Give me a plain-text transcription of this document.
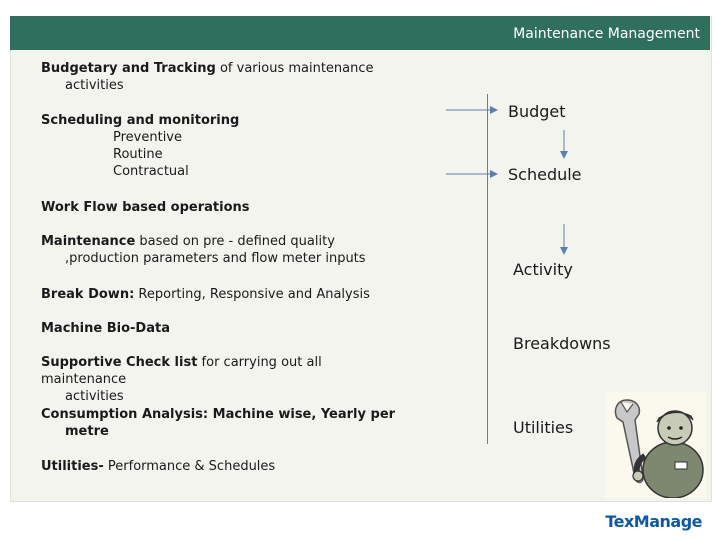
Maintenance Management
Budgetary and Tracking of various maintenance
activities
Scheduling and monitoring
Preventive
Routine
Contractual
Work Flow based operations
Maintenance based on pre - defined quality
,production parameters and flow meter inputs
Break Down: Reporting, Responsive and Analysis
Machine Bio-Data
Supportive Check list for carrying out all maintenance
activities
Consumption Analysis: Machine wise, Yearly per
metre
Utilities- Performance & Schedules
Budget
Schedule
Activity
Breakdowns
Utilities
TexManage
